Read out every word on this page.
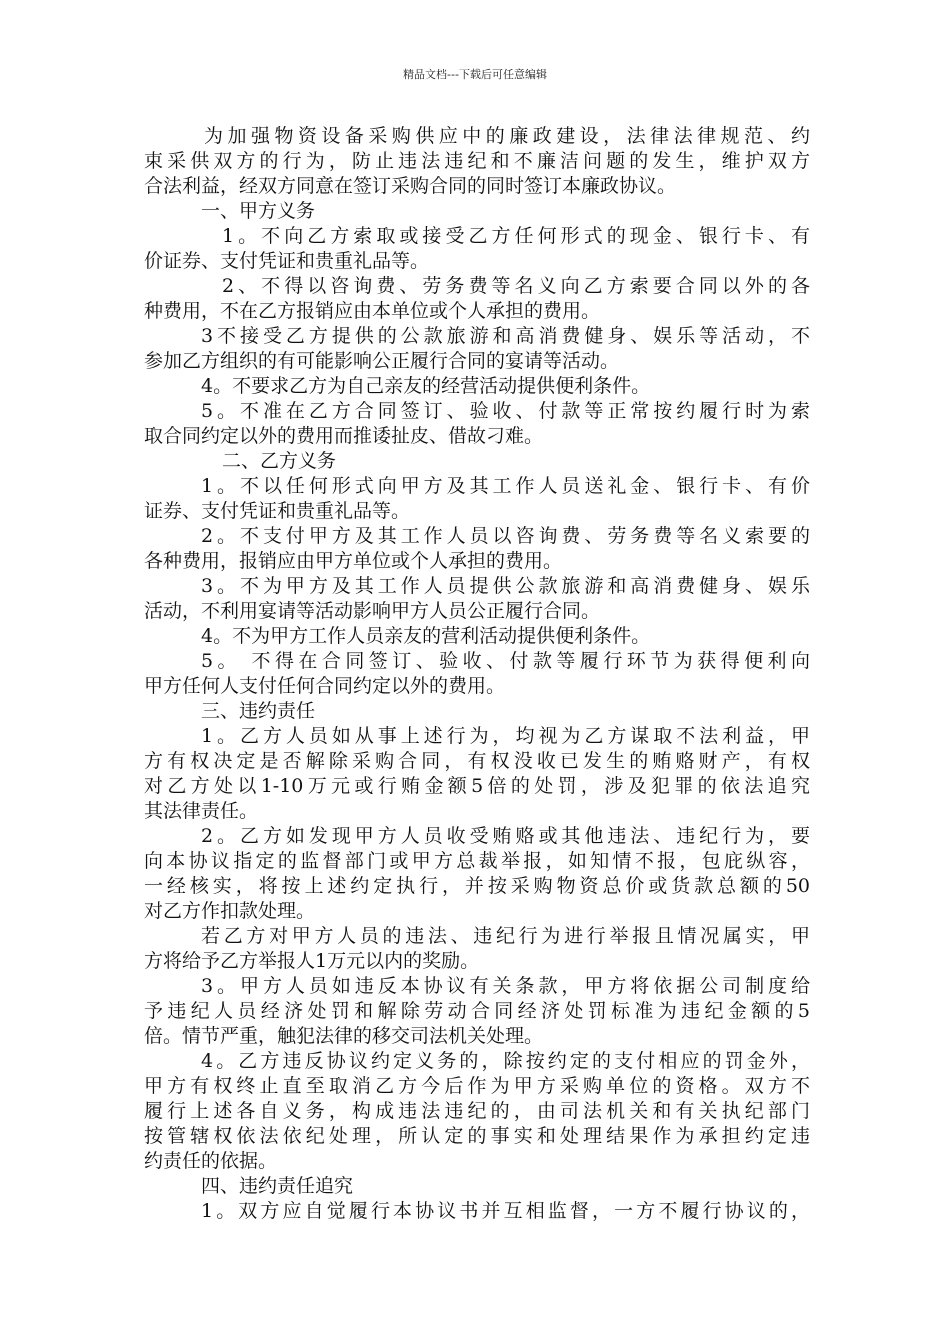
精品文档---下载后可任意编辑
为加强物资设备采购供应中的廉政建设，法律法律规范、约
束采供双方的行为，防止违法违纪和不廉洁问题的发生，维护双方
合法利益，经双方同意在签订采购合同的同时签订本廉政协议。
一、甲方义务
1。不向乙方索取或接受乙方任何形式的现金、银行卡、有
价证券、支付凭证和贵重礼品等。
2、不得以咨询费、劳务费等名义向乙方索要合同以外的各
种费用，不在乙方报销应由本单位或个人承担的费用。
3不接受乙方提供的公款旅游和高消费健身、娱乐等活动，不
参加乙方组织的有可能影响公正履行合同的宴请等活动。
4。不要求乙方为自己亲友的经营活动提供便利条件。
5。不准在乙方合同签订、验收、付款等正常按约履行时为索
取合同约定以外的费用而推诿扯皮、借故刁难。
二、乙方义务
1。不以任何形式向甲方及其工作人员送礼金、银行卡、有价
证券、支付凭证和贵重礼品等。
2。不支付甲方及其工作人员以咨询费、劳务费等名义索要的
各种费用，报销应由甲方单位或个人承担的费用。
3。不为甲方及其工作人员提供公款旅游和高消费健身、娱乐
活动，不利用宴请等活动影响甲方人员公正履行合同。
4。不为甲方工作人员亲友的营利活动提供便利条件。
5。 不得在合同签订、验收、付款等履行环节为获得便利向
甲方任何人支付任何合同约定以外的费用。
三、违约责任
1。乙方人员如从事上述行为，均视为乙方谋取不法利益，甲
方有权决定是否解除采购合同，有权没收已发生的贿赂财产，有权
对乙方处以1-10万元或行贿金额5倍的处罚，涉及犯罪的依法追究
其法律责任。
2。乙方如发现甲方人员收受贿赂或其他违法、违纪行为，要
向本协议指定的监督部门或甲方总裁举报，如知情不报，包庇纵容，
一经核实，将按上述约定执行，并按采购物资总价或货款总额的50
对乙方作扣款处理。
若乙方对甲方人员的违法、违纪行为进行举报且情况属实，甲
方将给予乙方举报人1万元以内的奖励。
3。甲方人员如违反本协议有关条款，甲方将依据公司制度给
予违纪人员经济处罚和解除劳动合同经济处罚标准为违纪金额的5
倍。情节严重，触犯法律的移交司法机关处理。
4。乙方违反协议约定义务的，除按约定的支付相应的罚金外，
甲方有权终止直至取消乙方今后作为甲方采购单位的资格。双方不
履行上述各自义务，构成违法违纪的，由司法机关和有关执纪部门
按管辖权依法依纪处理，所认定的事实和处理结果作为承担约定违
约责任的依据。
四、违约责任追究
1。双方应自觉履行本协议书并互相监督，一方不履行协议的，
